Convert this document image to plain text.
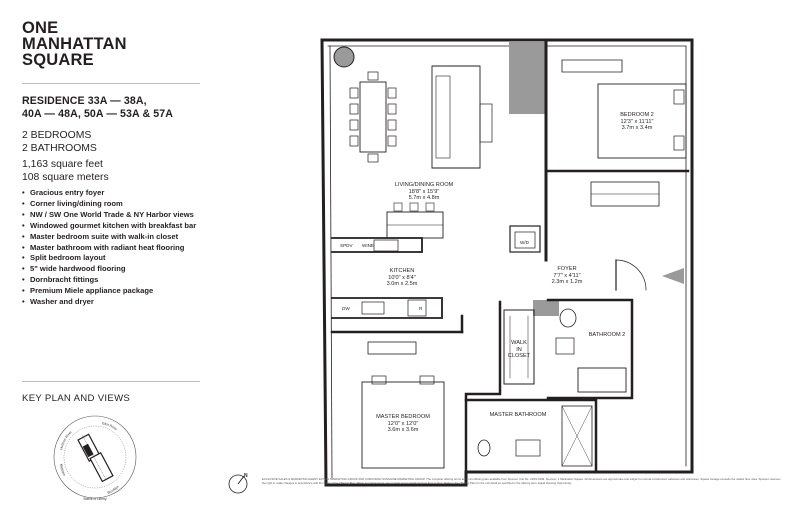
ONE
MANHATTAN
SQUARE
RESIDENCE 33A — 38A,
40A — 48A, 50A — 53A & 57A
2 BEDROOMS
2 BATHROOMS
1,163 square feet
108 square meters
• Gracious entry foyer
• Corner living/dining room
• NW / SW One World Trade & NY Harbor views
• Windowed gourmet kitchen with breakfast bar
• Master bedroom suite with walk-in closet
• Master bathroom with radiant heat flooring
• Split bedroom layout
• 5" wide hardwood flooring
• Dornbracht fittings
• Premium Miele appliance package
• Washer and dryer
KEY PLAN AND VIEWS
Hudson River
East River
Midtown
Brooklyn
Statue of Liberty
LIVING/DINING ROOM
18'8" x 15'9"
5.7m x 4.8m
BEDROOM 2
12'3" x 11'11"
3.7m x 3.4m
KITCHEN
10'0" x 8'4"
3.0m x 2.5m
FOYER
7'7" x 4'11"
2.3m x 1.2m
BATHROOM 2
WALK
IN
CLOSET
MASTER BEDROOM
12'0" x 12'0"
3.6m x 3.6m
MASTER BATHROOM
SPDV WINE
W/D
DW	R
N	EXCLUSIVE SALES & MARKETING AGENT: EXTELL MARKETING GROUP AND CORCORAN SUNSHINE MARKETING GROUP. The complete offering terms are in an offering plan available from Sponsor. File No. CD15-0199. Sponsor: 1 Manhattan Square. All dimensions are approximate and subject to normal construction variances and tolerances. Square footage exceeds the usable floor area. Sponsor reserves the right to make changes in accordance with the terms of the Offering Plan. Plans and dimensions may contain minor variations from floor to floor. Refer to the Offering Plan for the unit detail as specified in the offering plan. Equal Housing Opportunity.
